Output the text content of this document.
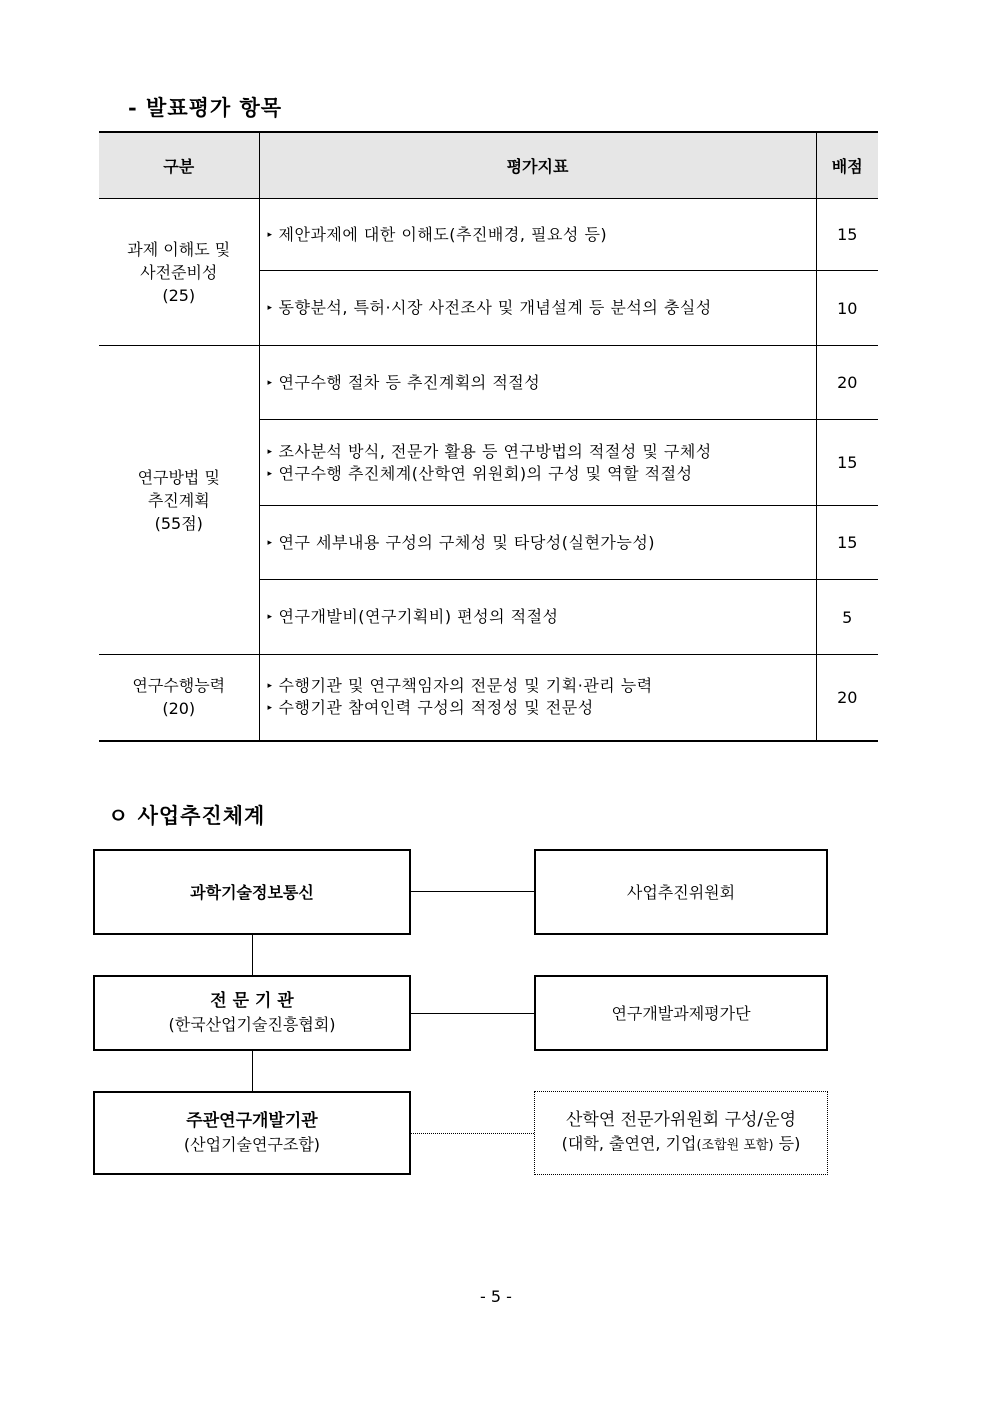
- 발표평가 항목
구분	평가지표	배점

과제 이해도 및
사전준비성
(25)	▸ 제안과제에 대한 이해도(추진배경, 필요성 등)	15

	▸ 동향분석, 특허·시장 사전조사 및 개념설계 등 분석의 충실성	10

연구방법 및
추진계획
(55점)	▸ 연구수행 절차 등 추진계획의 적절성	20

	▸ 조사분석 방식, 전문가 활용 등 연구방법의 적절성 및 구체성
▸ 연구수행 추진체계(산학연 위원회)의 구성 및 역할 적절성	15

	▸ 연구 세부내용 구성의 구체성 및 타당성(실현가능성)	15

	▸ 연구개발비(연구기획비) 편성의 적절성	5

연구수행능력
(20)	▸ 수행기관 및 연구책임자의 전문성 및 기획·관리 능력
▸ 수행기관 참여인력 구성의 적정성 및 전문성	20
ㅇ 사업추진체계
과학기술정보통신	사업추진위원회
전 문 기 관
(한국산업기술진흥협회)
연구개발과제평가단
주관연구개발기관
(산업기술연구조합)
산학연 전문가위원회 구성/운영
(대학, 출연연, 기업(조합원 포함) 등)
- 5 -
